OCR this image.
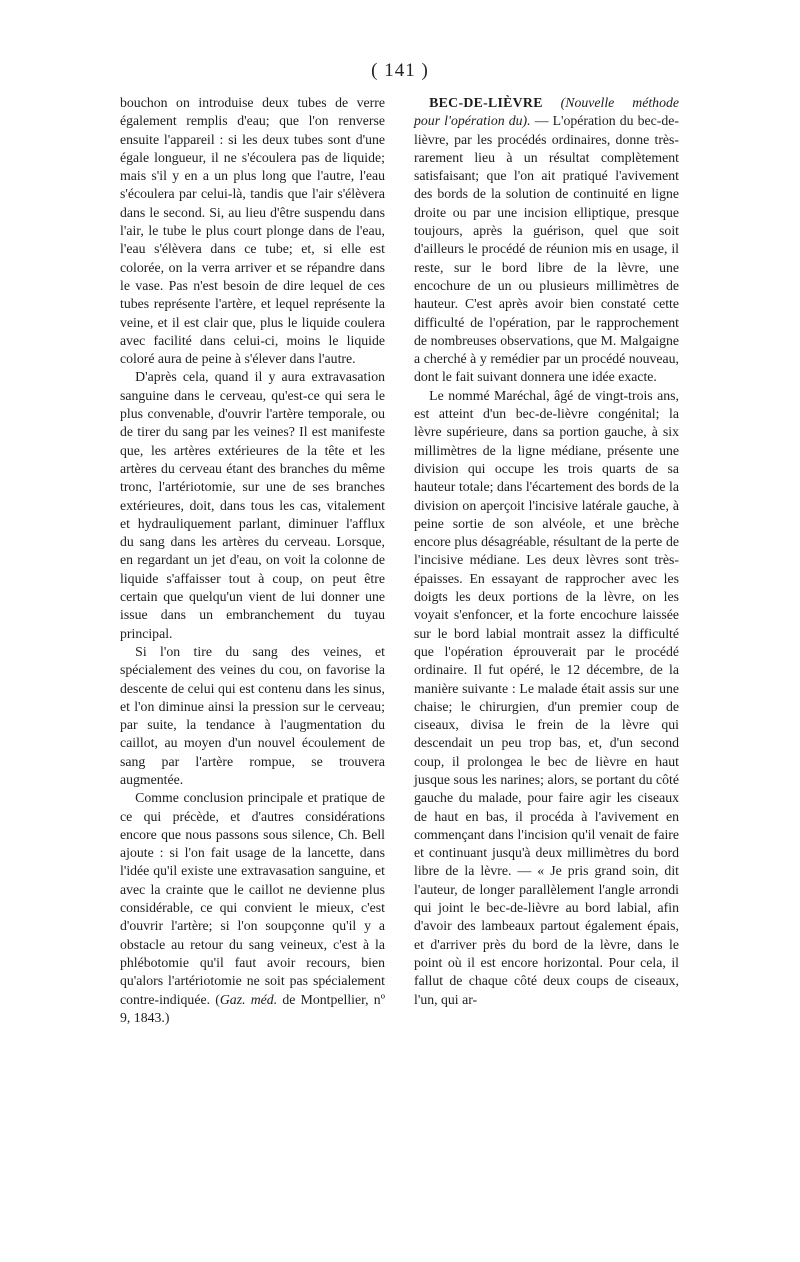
( 141 )

bouchon on introduise deux tubes de verre également remplis d'eau; que l'on renverse ensuite l'appareil : si les deux tubes sont d'une égale longueur, il ne s'écoulera pas de liquide; mais s'il y en a un plus long que l'autre, l'eau s'écoulera par celui-là, tandis que l'air s'élèvera dans le second. Si, au lieu d'être suspendu dans l'air, le tube le plus court plonge dans de l'eau, l'eau s'élèvera dans ce tube; et, si elle est colorée, on la verra arriver et se répandre dans le vase. Pas n'est besoin de dire lequel de ces tubes représente l'artère, et lequel représente la veine, et il est clair que, plus le liquide coulera avec facilité dans celui-ci, moins le liquide coloré aura de peine à s'élever dans l'autre.

D'après cela, quand il y aura extravasation sanguine dans le cerveau, qu'est-ce qui sera le plus convenable, d'ouvrir l'artère temporale, ou de tirer du sang par les veines? Il est manifeste que, les artères extérieures de la tête et les artères du cerveau étant des branches du même tronc, l'artériotomie, sur une de ses branches extérieures, doit, dans tous les cas, vitalement et hydrauliquement parlant, diminuer l'afflux du sang dans les artères du cerveau. Lorsque, en regardant un jet d'eau, on voit la colonne de liquide s'affaisser tout à coup, on peut être certain que quelqu'un vient de lui donner une issue dans un embranchement du tuyau principal.

Si l'on tire du sang des veines, et spécialement des veines du cou, on favorise la descente de celui qui est contenu dans les sinus, et l'on diminue ainsi la pression sur le cerveau; par suite, la tendance à l'augmentation du caillot, au moyen d'un nouvel écoulement de sang par l'artère rompue, se trouvera augmentée.

Comme conclusion principale et pratique de ce qui précède, et d'autres considérations encore que nous passons sous silence, Ch. Bell ajoute : si l'on fait usage de la lancette, dans l'idée qu'il existe une extravasation sanguine, et avec la crainte que le caillot ne devienne plus considérable, ce qui convient le mieux, c'est d'ouvrir l'artère; si l'on soupçonne qu'il y a obstacle au retour du sang veineux, c'est à la phlébotomie qu'il faut avoir recours, bien qu'alors l'artériotomie ne soit pas spécialement contre-indiquée. (Gaz. méd. de Montpellier, nº 9, 1843.)

BEC-DE-LIÈVRE (Nouvelle méthode pour l'opération du). — L'opération du bec-de-lièvre, par les procédés ordinaires, donne très-rarement lieu à un résultat complètement satisfaisant; que l'on ait pratiqué l'avivement des bords de la solution de continuité en ligne droite ou par une incision elliptique, presque toujours, après la guérison, quel que soit d'ailleurs le procédé de réunion mis en usage, il reste, sur le bord libre de la lèvre, une encochure de un ou plusieurs millimètres de hauteur. C'est après avoir bien constaté cette difficulté de l'opération, par le rapprochement de nombreuses observations, que M. Malgaigne a cherché à y remédier par un procédé nouveau, dont le fait suivant donnera une idée exacte.

Le nommé Maréchal, âgé de vingt-trois ans, est atteint d'un bec-de-lièvre congénital; la lèvre supérieure, dans sa portion gauche, à six millimètres de la ligne médiane, présente une division qui occupe les trois quarts de sa hauteur totale; dans l'écartement des bords de la division on aperçoit l'incisive latérale gauche, à peine sortie de son alvéole, et une brèche encore plus désagréable, résultant de la perte de l'incisive médiane. Les deux lèvres sont très-épaisses. En essayant de rapprocher avec les doigts les deux portions de la lèvre, on les voyait s'enfoncer, et la forte encochure laissée sur le bord labial montrait assez la difficulté que l'opération éprouverait par le procédé ordinaire. Il fut opéré, le 12 décembre, de la manière suivante : Le malade était assis sur une chaise; le chirurgien, d'un premier coup de ciseaux, divisa le frein de la lèvre qui descendait un peu trop bas, et, d'un second coup, il prolongea le bec de lièvre en haut jusque sous les narines; alors, se portant du côté gauche du malade, pour faire agir les ciseaux de haut en bas, il procéda à l'avivement en commençant dans l'incision qu'il venait de faire et continuant jusqu'à deux millimètres du bord libre de la lèvre. — « Je pris grand soin, dit l'auteur, de longer parallèlement l'angle arrondi qui joint le bec-de-lièvre au bord labial, afin d'avoir des lambeaux partout également épais, et d'arriver près du bord de la lèvre, dans le point où il est encore horizontal. Pour cela, il fallut de chaque côté deux coups de ciseaux, l'un, qui ar-
